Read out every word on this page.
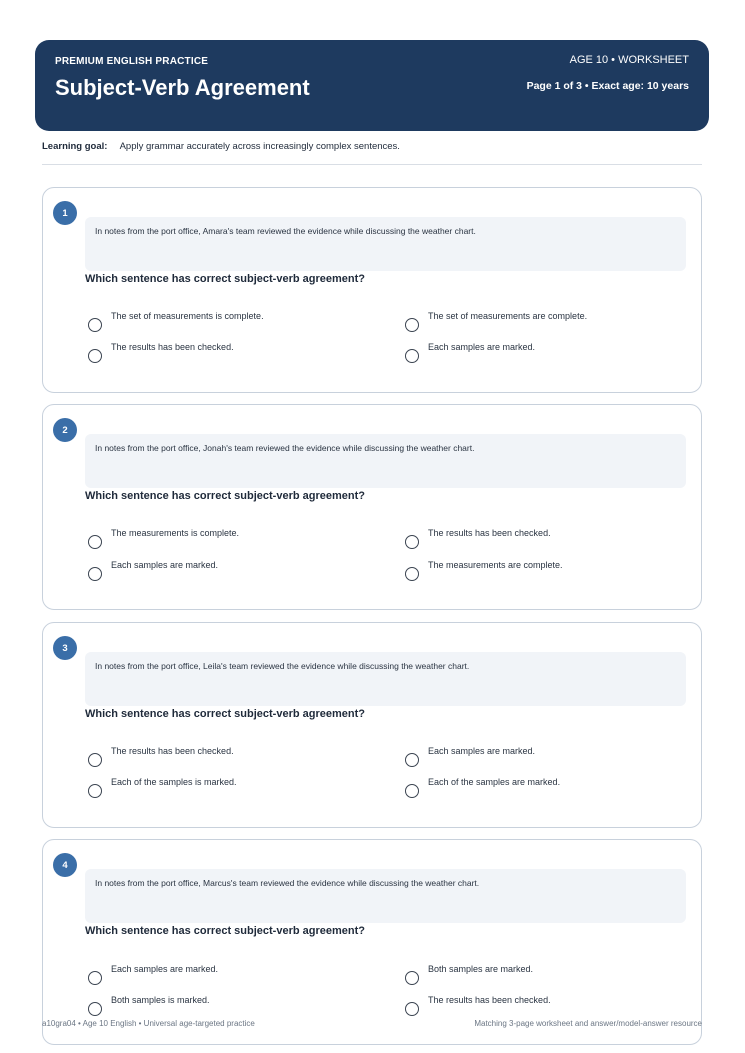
PREMIUM ENGLISH PRACTICE
Subject-Verb Agreement
AGE 10 • WORKSHEET
Page 1 of 3 • Exact age: 10 years
Learning goal: Apply grammar accurately across increasingly complex sentences.
1
In notes from the port office, Amara's team reviewed the evidence while discussing the weather chart.
Which sentence has correct subject-verb agreement?
The set of measurements is complete.	The set of measurements are complete.
The results has been checked.	Each samples are marked.
2
In notes from the port office, Jonah's team reviewed the evidence while discussing the weather chart.
Which sentence has correct subject-verb agreement?
The measurements is complete.	The results has been checked.
Each samples are marked.	The measurements are complete.
3
In notes from the port office, Leila's team reviewed the evidence while discussing the weather chart.
Which sentence has correct subject-verb agreement?
The results has been checked.	Each samples are marked.
Each of the samples is marked.	Each of the samples are marked.
4
In notes from the port office, Marcus's team reviewed the evidence while discussing the weather chart.
Which sentence has correct subject-verb agreement?
Each samples are marked.	Both samples are marked.
Both samples is marked.	The results has been checked.
a10gra04 • Age 10 English • Universal age-targeted practice	Matching 3-page worksheet and answer/model-answer resource
